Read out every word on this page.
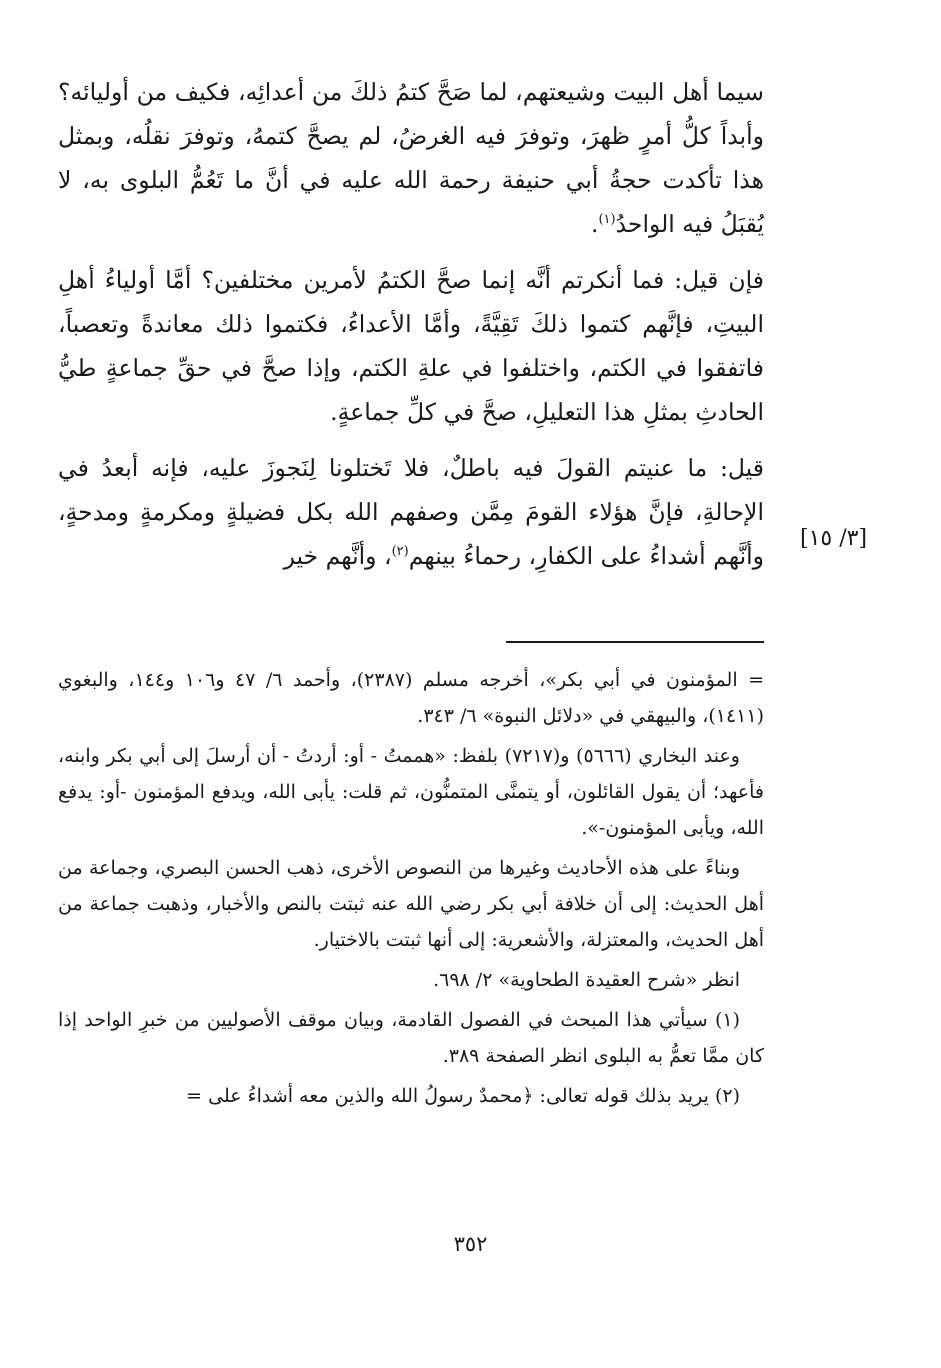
سيما أهل البيت وشيعتهم، لما صَحَّ كتمُ ذلكَ من أعدائِه، فكيف من أوليائه؟ وأبداً كلُّ أمرٍ ظهرَ، وتوفرَ فيه الغرضُ، لم يصحَّ كتمهُ، وتوفرَ نقلُه، وبمثل هذا تأكدت حجةُ أبي حنيفة رحمة الله عليه في أنَّ ما تَعُمُّ البلوى به، لا يُقبَلُ فيه الواحدُ$^{(١)}$.

فإن قيل: فما أنكرتم أنَّه إنما صحَّ الكتمُ لأمرين مختلفين؟ أمَّا أولياءُ أهلِ البيتِ، فإنَّهم كتموا ذلكَ تَقِيَّةً، وأمَّا الأعداءُ، فكتموا ذلك معاندةً وتعصباً، فاتفقوا في الكتم، واختلفوا في علةِ الكتم، وإذا صحَّ في حقِّ جماعةٍ طيُّ الحادثِ بمثلِ هذا التعليلِ، صحَّ في كلِّ جماعةٍ.

قيل: ما عنيتم القولَ فيه باطلٌ، فلا تَختلونا لِنَجوزَ عليه، فإنه أبعدُ في الإحالةِ، فإنَّ هؤلاء القومَ مِمَّن وصفهم الله بكل فضيلةٍ ومكرمةٍ ومدحةٍ، وأنَّهم أشداءُ على الكفارِ، رحماءُ بينهم$^{(٢)}$، وأنَّهم خير

[٣/ ١٥]

= المؤمنون في أبي بكر»، أخرجه مسلم (٢٣٨٧)، وأحمد ٦/ ٤٧ و١٠٦ و١٤٤، والبغوي (١٤١١)، والبيهقي في «دلائل النبوة» ٦/ ٣٤٣.

وعند البخاري (٥٦٦٦) و(٧٢١٧) بلفظ: «هممتُ - أو: أردتُ - أن أرسلَ إلى أبي بكر وابنه، فأعهد؛ أن يقول القائلون، أو يتمنَّى المتمنُّون، ثم قلت: يأبى الله، ويدفع المؤمنون -أو: يدفع الله، ويأبى المؤمنون-».

وبناءً على هذه الأحاديث وغيرها من النصوص الأخرى، ذهب الحسن البصري، وجماعة من أهل الحديث: إلى أن خلافة أبي بكر رضي الله عنه ثبتت بالنص والأخبار، وذهبت جماعة من أهل الحديث، والمعتزلة، والأشعرية: إلى أنها ثبتت بالاختيار.

انظر «شرح العقيدة الطحاوية» ٢/ ٦٩٨.

(١) سيأتي هذا المبحث في الفصول القادمة، وبيان موقف الأصوليين من خبرِ الواحد إذا كان ممَّا تعمُّ به البلوى انظر الصفحة ٣٨٩.

(٢) يريد بذلك قوله تعالى: ﴿محمدٌ رسولُ الله والذين معه أشداءُ على =

٣٥٢
